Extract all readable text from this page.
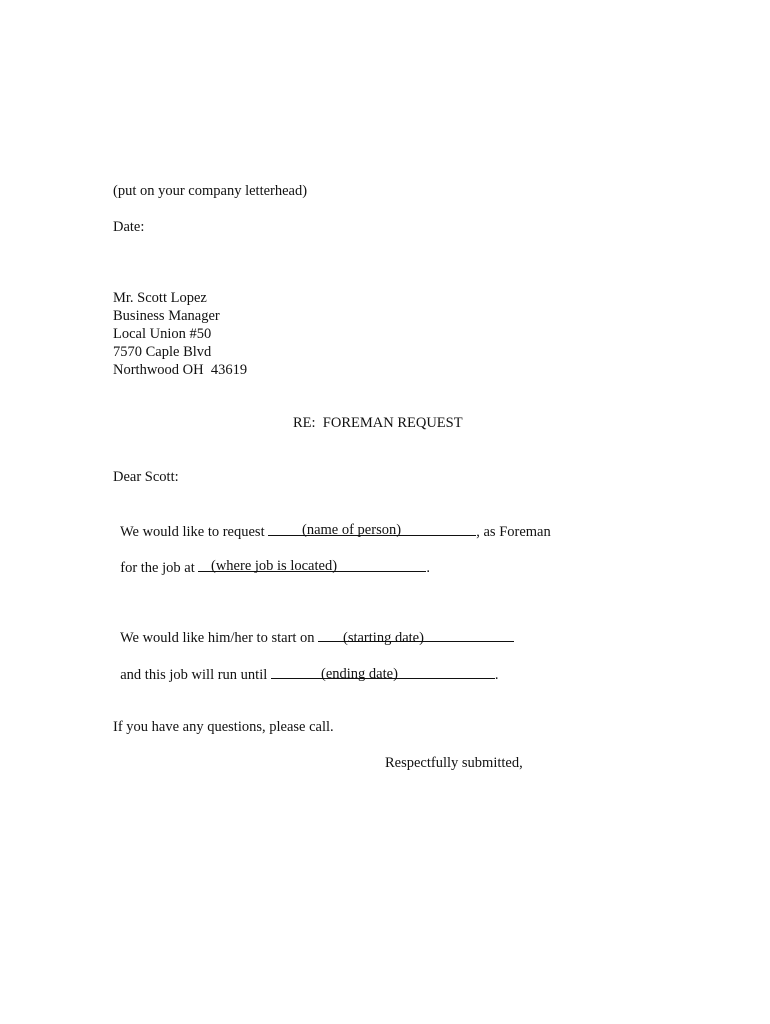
(put on your company letterhead)
Date:
Mr. Scott Lopez
Business Manager
Local Union #50
7570 Caple Blvd
Northwood OH  43619
RE:  FOREMAN REQUEST
Dear Scott:

We would like to request	, as Foreman

(name of person)

for the job at	.

(where job is located)

We would like him/her to start on	(starting date)

and this job will run until	.

(ending date)
If you have any questions, please call.
Respectfully submitted,
